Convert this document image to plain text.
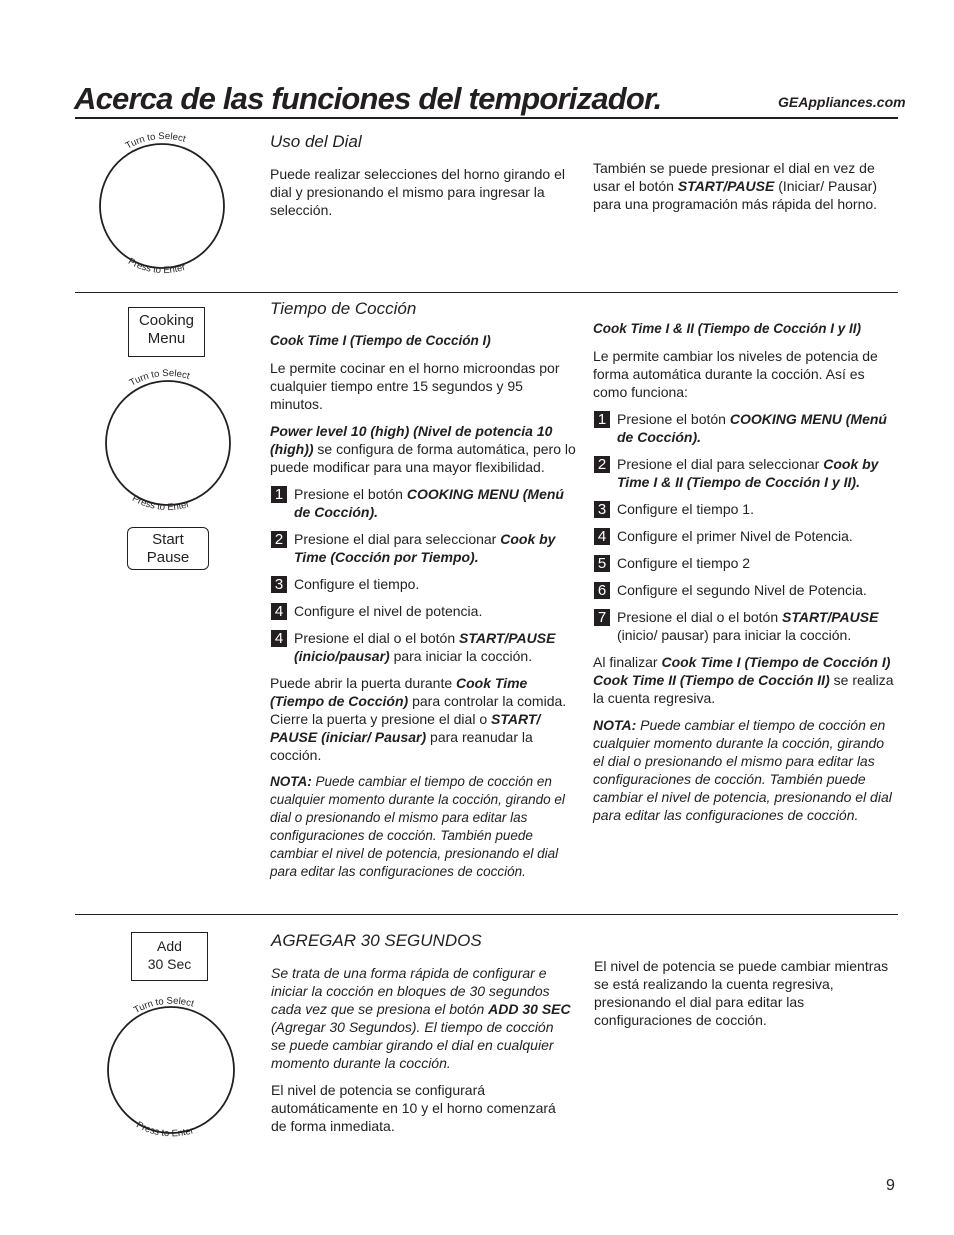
Acerca de las funciones del temporizador.	GEAppliances.com
Turn to Select
Press to Enter

Uso del Dial

Puede realizar selecciones del horno girando el dial y presionando el mismo para ingresar la selección.

También se puede presionar el dial en vez de usar el botón START/PAUSE (Iniciar/ Pausar) para una programación más rápida del horno.

Cooking
Menu
Turn to Select
Press to Enter
Start
Pause

Tiempo de Cocción

Cook Time I (Tiempo de Cocción I)

Le permite cocinar en el horno microondas por cualquier tiempo entre 15 segundos y 95 minutos.

Power level 10 (high) (Nivel de potencia 10 (high)) se configura de forma automática, pero lo puede modificar para una mayor flexibilidad.

1 Presione el botón COOKING MENU (Menú de Cocción).

2 Presione el dial para seleccionar Cook by Time (Cocción por Tiempo).

3 Configure el tiempo.

4 Configure el nivel de potencia.

4 Presione el dial o el botón START/PAUSE (inicio/pausar) para iniciar la cocción.

Puede abrir la puerta durante Cook Time (Tiempo de Cocción) para controlar la comida. Cierre la puerta y presione el dial o START/ PAUSE (iniciar/ Pausar) para reanudar la cocción.

NOTA: Puede cambiar el tiempo de cocción en cualquier momento durante la cocción, girando el dial o presionando el mismo para editar las configuraciones de cocción. También puede cambiar el nivel de potencia, presionando el dial para editar las configuraciones de cocción.

Cook Time I & II (Tiempo de Cocción I y II)

Le permite cambiar los niveles de potencia de forma automática durante la cocción. Así es como funciona:

1 Presione el botón COOKING MENU (Menú de Cocción).

2 Presione el dial para seleccionar Cook by Time I & II (Tiempo de Cocción I y II).

3 Configure el tiempo 1.

4 Configure el primer Nivel de Potencia.

5 Configure el tiempo 2

6 Configure el segundo Nivel de Potencia.

7 Presione el dial o el botón START/PAUSE (inicio/ pausar) para iniciar la cocción.

Al finalizar Cook Time I (Tiempo de Cocción I) Cook Time II (Tiempo de Cocción II) se realiza la cuenta regresiva.

NOTA: Puede cambiar el tiempo de cocción en cualquier momento durante la cocción, girando el dial o presionando el mismo para editar las configuraciones de cocción. También puede cambiar el nivel de potencia, presionando el dial para editar las configuraciones de cocción.

Add
30 Sec
Turn to Select
Press to Enter

AGREGAR 30 SEGUNDOS

Se trata de una forma rápida de configurar e iniciar la cocción en bloques de 30 segundos cada vez que se presiona el botón ADD 30 SEC (Agregar 30 Segundos). El tiempo de cocción se puede cambiar girando el dial en cualquier momento durante la cocción.

El nivel de potencia se configurará automáticamente en 10 y el horno comenzará de forma inmediata.

El nivel de potencia se puede cambiar mientras se está realizando la cuenta regresiva, presionando el dial para editar las configuraciones de cocción.

9
